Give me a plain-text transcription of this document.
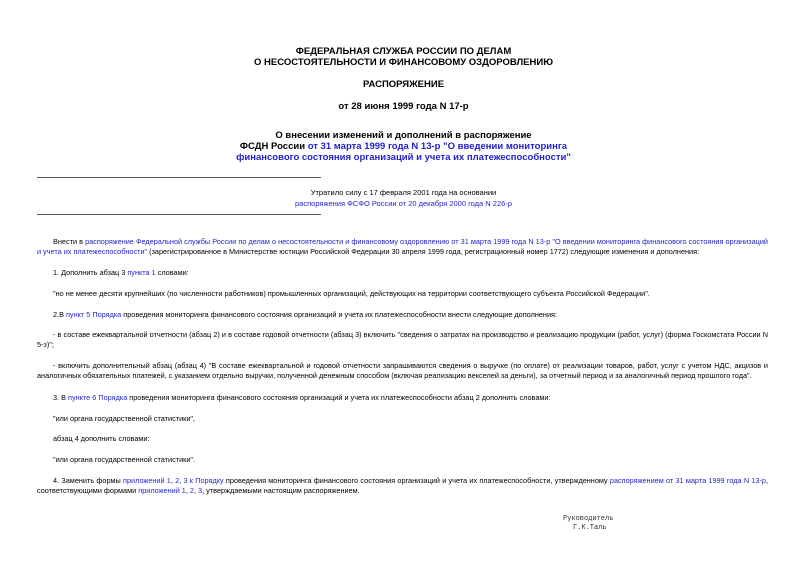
ФЕДЕРАЛЬНАЯ СЛУЖБА РОССИИ ПО ДЕЛАМ
О НЕСОСТОЯТЕЛЬНОСТИ И ФИНАНСОВОМУ ОЗДОРОВЛЕНИЮ
РАСПОРЯЖЕНИЕ
от 28 июня 1999 года N 17-р
О внесении изменений и дополнений в распоряжение
ФСДН России от 31 марта 1999 года N 13-р "О введении мониторинга
финансового состояния организаций и учета их платежеспособности"
Утратило силу с 17 февраля 2001 года на основании
распоряжения ФСФО России от 20 декабря 2000 года N 226-р

Внести в распоряжение Федеральной службы России по делам о несостоятельности и финансовому оздоровлению от 31 марта 1999 года N 13-р "О введении мониторинга финансового состояния организаций и учета их платежеспособности" (зарегистрированное в Министерстве юстиции Российской Федерации 30 апреля 1999 года, регистрационный номер 1772) следующие изменения и дополнения:

1. Дополнить абзац 3 пункта 1 словами:

"но не менее десяти крупнейших (по численности работников) промышленных организаций, действующих на территории соответствующего субъекта Российской Федерации".

2.В пункт 5 Порядка проведения мониторинга финансового состояния организаций и учета их платежеспособности внести следующие дополнения:

- в составе ежеквартальной отчетности (абзац 2) и в составе годовой отчетности (абзац 3) включить "сведения о затратах на производство и реализацию продукции (работ, услуг) (форма Госкомстата России N 5-з)";

- включить дополнительный абзац (абзац 4) "В составе ежеквартальной и годовой отчетности запрашиваются сведения о выручке (по оплате) от реализации товаров, работ, услуг с учетом НДС, акцизов и аналогичных обязательных платежей, с указанием отдельно выручки, полученной денежным способом (включая реализацию векселей за деньги), за отчетный период и за аналогичный период прошлого года".

3. В пункте 6 Порядка проведения мониторинга финансового состояния организаций и учета их платежеспособности абзац 2 дополнить словами:

"или органа государственной статистики",

абзац 4 дополнить словами:

"или органа государственной статистики".

4. Заменить формы приложений 1, 2, 3 к Порядку проведения мониторинга финансового состояния организаций и учета их платежеспособности, утвержденному распоряжением от 31 марта 1999 года N 13-р, соответствующими формами приложений 1, 2, 3, утверждаемыми настоящим распоряжением.

Руководитель
Г.К.Таль
